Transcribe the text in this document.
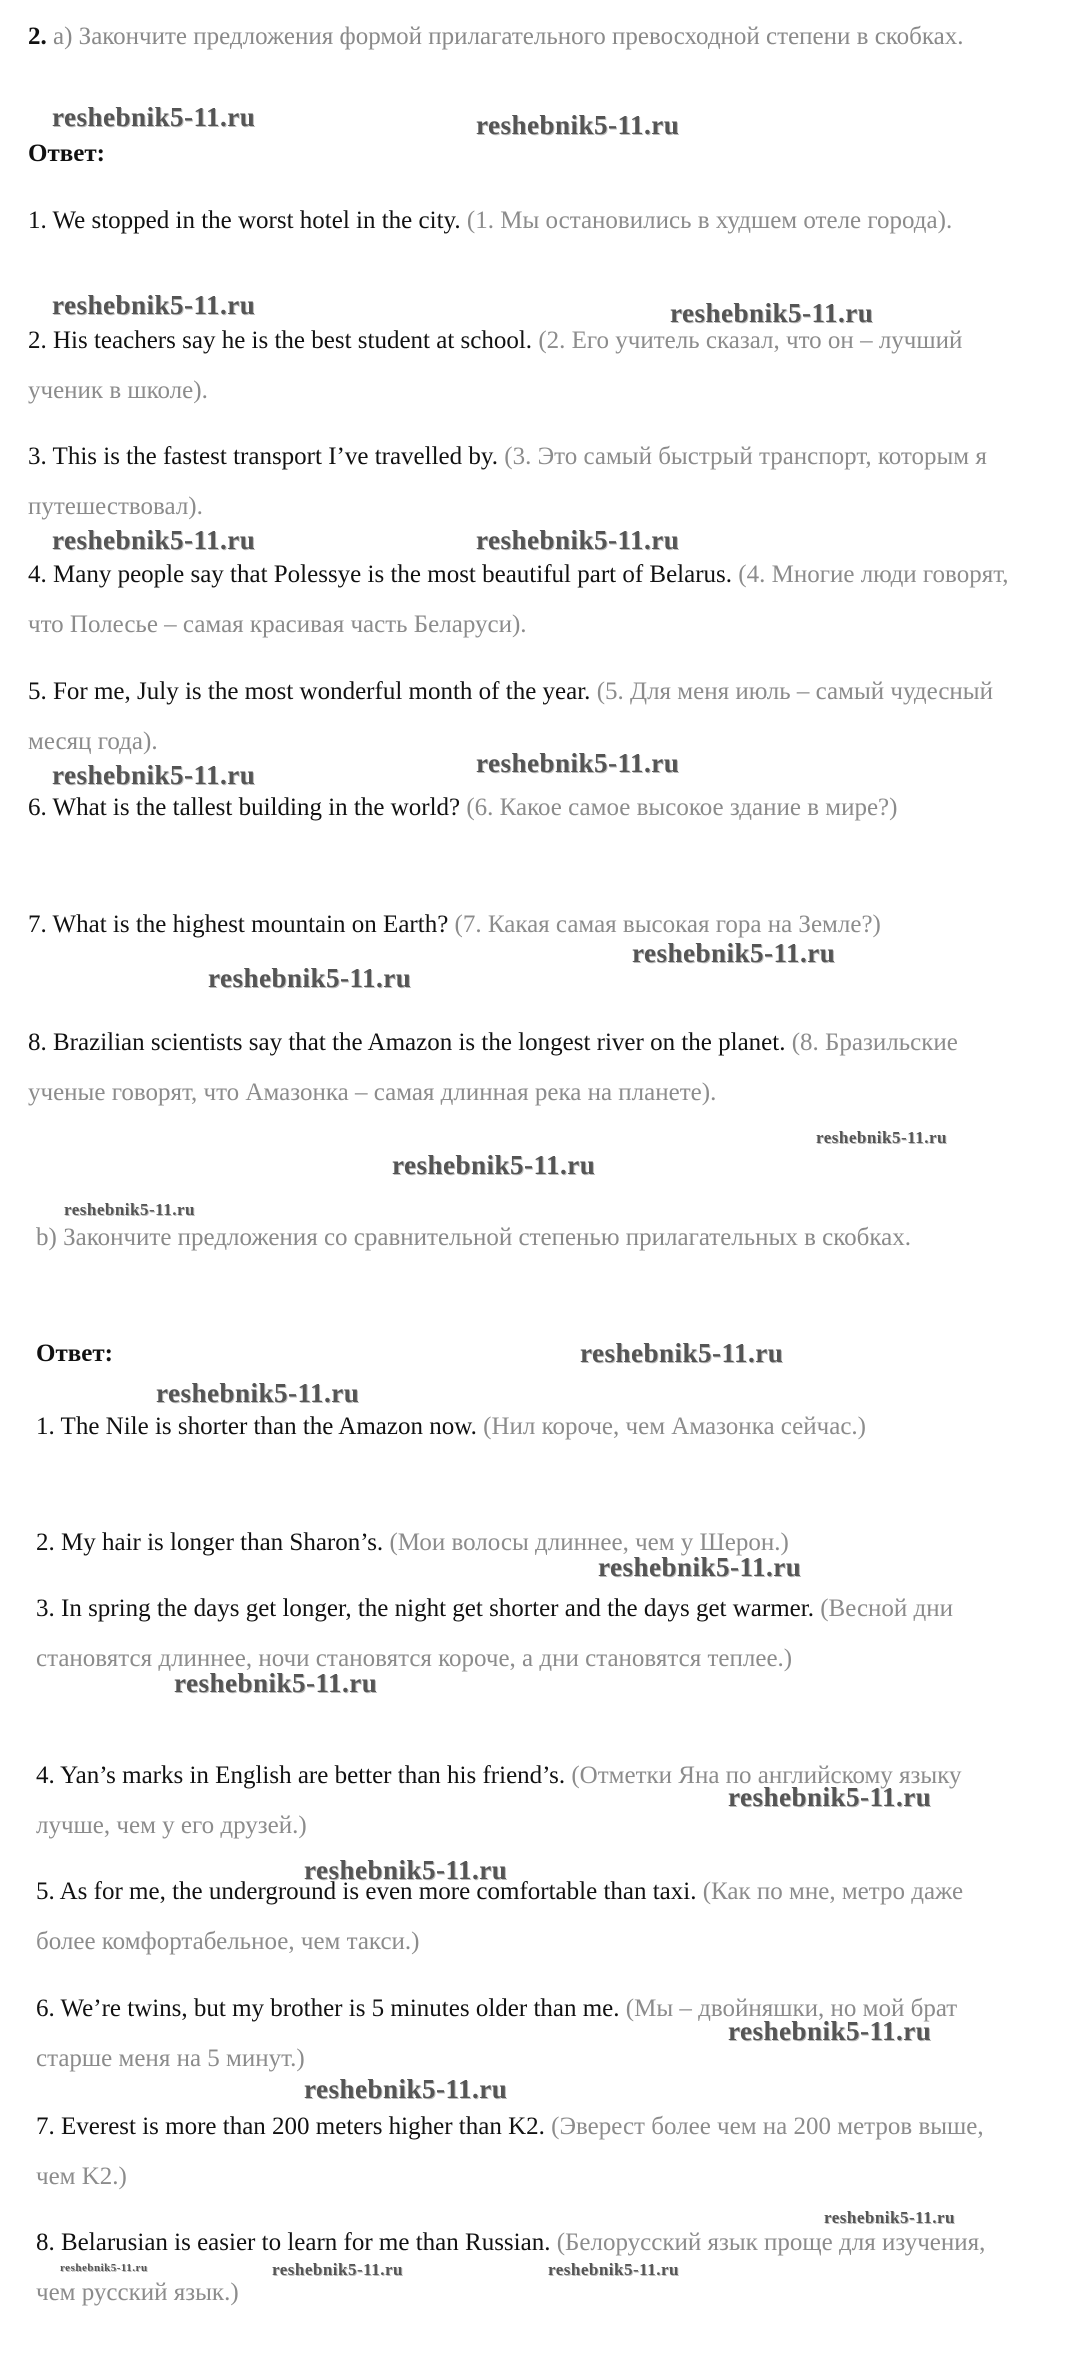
2. a) Закончите предложения формой прилагательного превосходной степени в скобках.
Ответ:
1. We stopped in the worst hotel in the city. (1. Мы остановились в худшем отеле города).
2. His teachers say he is the best student at school. (2. Его учитель сказал, что он – лучший ученик в школе).
3. This is the fastest transport I’ve travelled by. (3. Это самый быстрый транспорт, которым я путешествовал).
4. Many people say that Polessye is the most beautiful part of Belarus. (4. Многие люди говорят, что Полесье – самая красивая часть Беларуси).
5. For me, July is the most wonderful month of the year. (5. Для меня июль – самый чудесный месяц года).
6. What is the tallest building in the world? (6. Какое самое высокое здание в мире?)
7. What is the highest mountain on Earth? (7. Какая самая высокая гора на Земле?)
8. Brazilian scientists say that the Amazon is the longest river on the planet. (8. Бразильские ученые говорят, что Амазонка – самая длинная река на планете).
b) Закончите предложения со сравнительной степенью прилагательных в скобках.
Ответ:
1. The Nile is shorter than the Amazon now. (Нил короче, чем Амазонка сейчас.)
2. My hair is longer than Sharon’s. (Мои волосы длиннее, чем у Шерон.)
3. In spring the days get longer, the night get shorter and the days get warmer. (Весной дни становятся длиннее, ночи становятся короче, а дни становятся теплее.)
4. Yan’s marks in English are better than his friend’s. (Отметки Яна по английскому языку лучше, чем у его друзей.)
5. As for me, the underground is even more comfortable than taxi. (Как по мне, метро даже более комфортабельное, чем такси.)
6. We’re twins, but my brother is 5 minutes older than me. (Мы – двойняшки, но мой брат старше меня на 5 минут.)
7. Everest is more than 200 meters higher than K2. (Эверест более чем на 200 метров выше, чем K2.)
8. Belarusian is easier to learn for me than Russian. (Белорусский язык проще для изучения, чем русский язык.)
reshebnik5-11.ru	reshebnik5-11.ru
reshebnik5-11.ru	reshebnik5-11.ru
reshebnik5-11.ru	reshebnik5-11.ru
reshebnik5-11.ru
reshebnik5-11.ru
reshebnik5-11.ru
reshebnik5-11.ru
reshebnik5-11.ru
reshebnik5-11.ru
reshebnik5-11.ru
reshebnik5-11.ru
reshebnik5-11.ru
reshebnik5-11.ru
reshebnik5-11.ru
reshebnik5-11.ru
reshebnik5-11.ru
reshebnik5-11.ru
reshebnik5-11.ru
reshebnik5-11.ru
reshebnik5-11.ru	reshebnik5-11.ru	reshebnik5-11.ru
